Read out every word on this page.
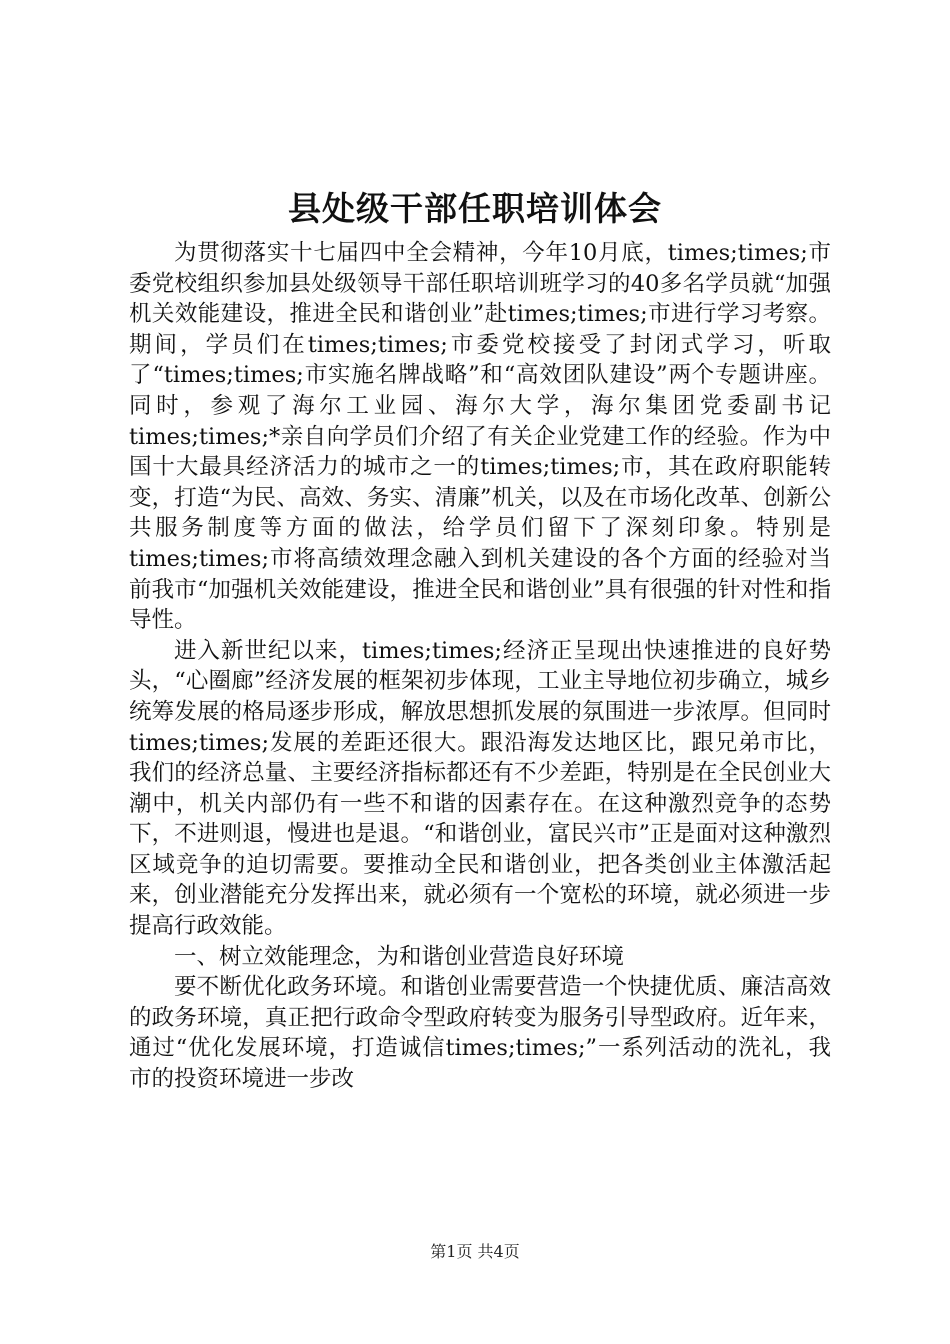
县处级干部任职培训体会

为贯彻落实十七届四中全会精神，今年10月底，times;times;市委党校组织参加县处级领导干部任职培训班学习的40多名学员就“加强机关效能建设，推进全民和谐创业”赴times;times;市进行学习考察。期间，学员们在times;times;市委党校接受了封闭式学习，听取了“times;times;市实施名牌战略”和“高效团队建设”两个专题讲座。同时，参观了海尔工业园、海尔大学，海尔集团党委副书记times;times;*亲自向学员们介绍了有关企业党建工作的经验。作为中国十大最具经济活力的城市之一的times;times;市，其在政府职能转变，打造“为民、高效、务实、清廉”机关，以及在市场化改革、创新公共服务制度等方面的做法，给学员们留下了深刻印象。特别是times;times;市将高绩效理念融入到机关建设的各个方面的经验对当前我市“加强机关效能建设，推进全民和谐创业”具有很强的针对性和指导性。

进入新世纪以来，times;times;经济正呈现出快速推进的良好势头，“心圈廊”经济发展的框架初步体现，工业主导地位初步确立，城乡统筹发展的格局逐步形成，解放思想抓发展的氛围进一步浓厚。但同时times;times;发展的差距还很大。跟沿海发达地区比，跟兄弟市比，我们的经济总量、主要经济指标都还有不少差距，特别是在全民创业大潮中，机关内部仍有一些不和谐的因素存在。在这种激烈竞争的态势下，不进则退，慢进也是退。“和谐创业，富民兴市”正是面对这种激烈区域竞争的迫切需要。要推动全民和谐创业，把各类创业主体激活起来，创业潜能充分发挥出来，就必须有一个宽松的环境，就必须进一步提高行政效能。

一、树立效能理念，为和谐创业营造良好环境

要不断优化政务环境。和谐创业需要营造一个快捷优质、廉洁高效的政务环境，真正把行政命令型政府转变为服务引导型政府。近年来，通过“优化发展环境，打造诚信times;times;”一系列活动的洗礼，我市的投资环境进一步改

第1页 共4页
